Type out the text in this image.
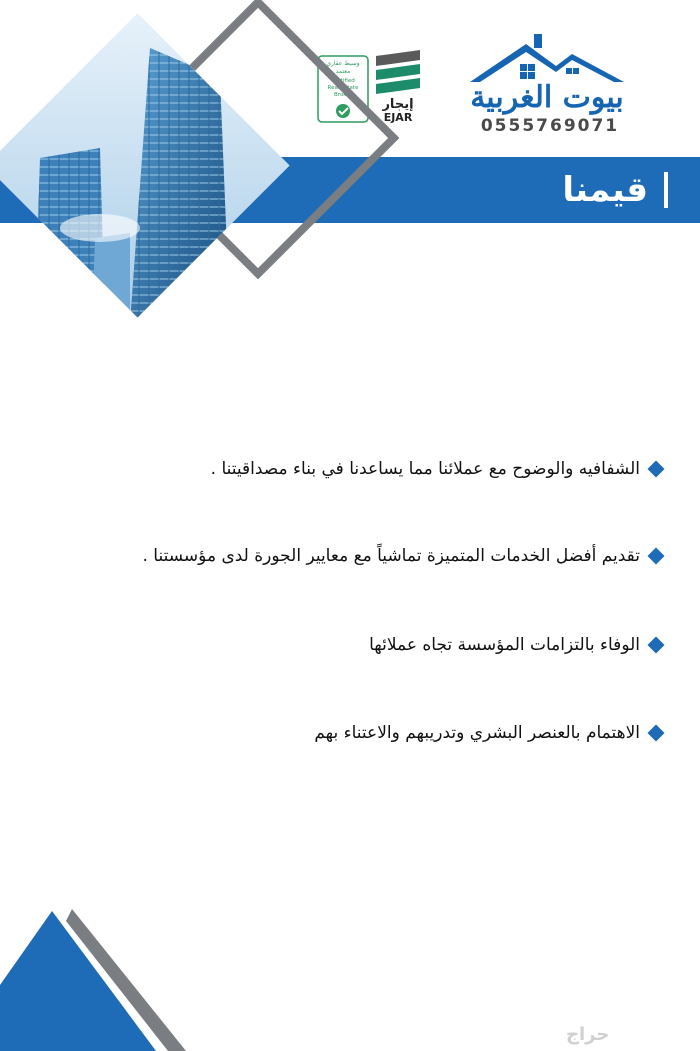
وسيط عقاري
معتمد
Certified
Real estate
Broker
إيجار
EJAR
بيوت الغربية
0555769071
قيمنا
الشفافيه والوضوح مع عملائنا مما يساعدنا في بناء مصداقيتنا .
تقديم أفضل الخدمات المتميزة تماشياً مع معايير الجورة لدى مؤسستنا .
الوفاء بالتزامات المؤسسة تجاه عملائها
الاهتمام بالعنصر البشري وتدريبهم والاعتناء بهم
حراج
